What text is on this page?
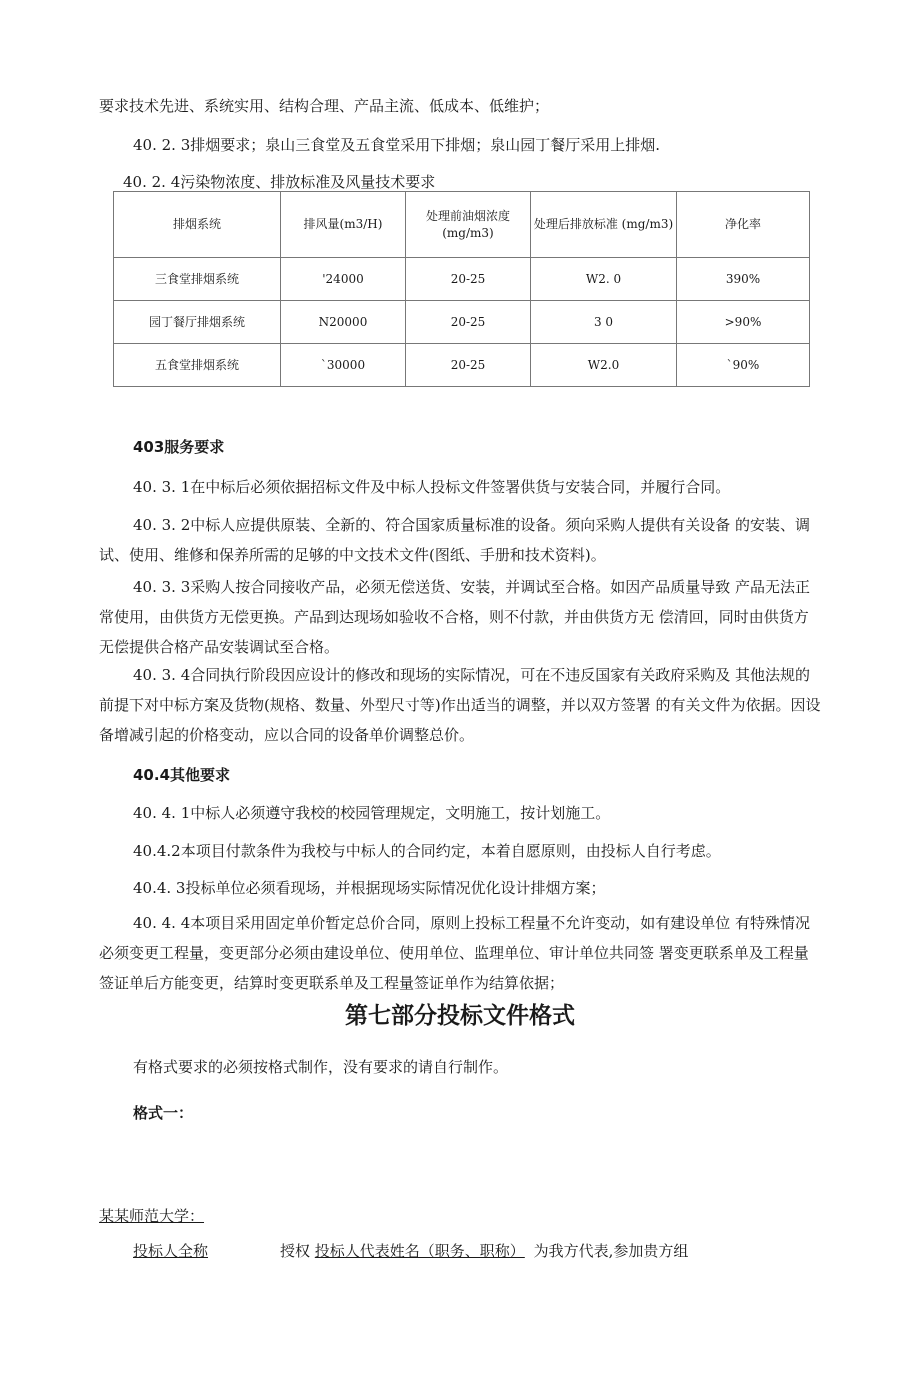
要求技术先进、系统实用、结构合理、产品主流、低成本、低维护；
40. 2. 3排烟要求；泉山三食堂及五食堂采用下排烟；泉山园丁餐厅采用上排烟.
40. 2. 4污染物浓度、排放标准及风量技术要求
排烟系统	排风量(m3/H)	处理前油烟浓度(mg/m3)	处理后排放标准 (mg/m3)	净化率
三食堂排烟系统	'24000	20-25	W2. 0	390%
园丁餐厅排烟系统	N20000	20-25	3 0	>90%
五食堂排烟系统	`30000	20-25	W2.0	`90%
403服务要求
40. 3. 1在中标后必须依据招标文件及中标人投标文件签署供货与安装合同，并履行合同。
40. 3. 2中标人应提供原装、全新的、符合国家质量标准的设备。须向采购人提供有关设备 的安装、调试、使用、维修和保养所需的足够的中文技术文件(图纸、手册和技术资料)。
40. 3. 3采购人按合同接收产品，必须无偿送货、安装，并调试至合格。如因产品质量导致 产品无法正常使用，由供货方无偿更换。产品到达现场如验收不合格，则不付款，并由供货方无 偿清回，同时由供货方无偿提供合格产品安装调试至合格。
40. 3. 4合同执行阶段因应设计的修改和现场的实际情况，可在不违反国家有关政府采购及 其他法规的前提下对中标方案及货物(规格、数量、外型尺寸等)作出适当的调整，并以双方签署 的有关文件为依据。因设备增减引起的价格变动，应以合同的设备单价调整总价。
40.4其他要求
40. 4. 1中标人必须遵守我校的校园管理规定，文明施工，按计划施工。
40.4.2本项目付款条件为我校与中标人的合同约定，本着自愿原则，由投标人自行考虑。
40.4. 3投标单位必须看现场，并根据现场实际情况优化设计排烟方案；
40. 4. 4本项目采用固定单价暂定总价合同，原则上投标工程量不允许变动，如有建设单位 有特殊情况必须变更工程量，变更部分必须由建设单位、使用单位、监理单位、审计单位共同签 署变更联系单及工程量签证单后方能变更，结算时变更联系单及工程量签证单作为结算依据；
第七部分投标文件格式
有格式要求的必须按格式制作，没有要求的请自行制作。
格式一：
某某师范大学：
投标人全称	授权 投标人代表姓名（职务、职称） 为我方代表,参加贵方组
